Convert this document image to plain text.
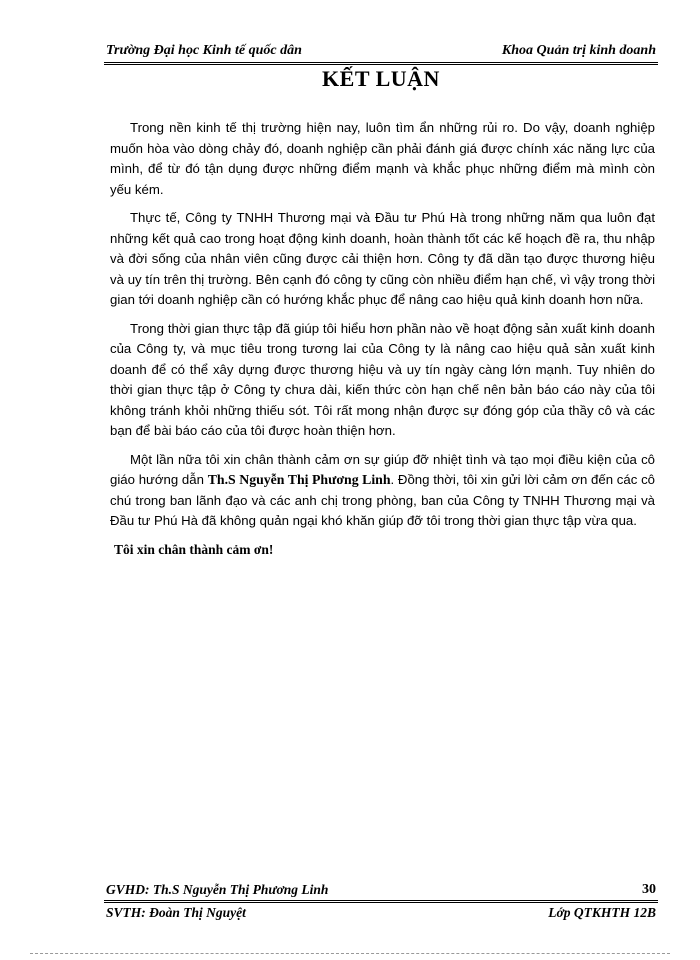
Trường Đại học Kinh tế quốc dân	Khoa Quản trị kinh doanh
KẾT LUẬN

Trong nền kinh tế thị trường hiện nay, luôn tìm ẩn những rủi ro. Do vậy, doanh nghiệp muốn hòa vào dòng chảy đó, doanh nghiệp cần phải đánh giá được chính xác năng lực của mình, để từ đó tận dụng được những điểm mạnh và khắc phục những điểm mà mình còn yếu kém.

Thực tế, Công ty TNHH Thương mại và Đầu tư Phú Hà trong những năm qua luôn đạt những kết quả cao trong hoạt động kinh doanh, hoàn thành tốt các kế hoạch đề ra, thu nhập và đời sống của nhân viên cũng được cải thiện hơn. Công ty đã dần tạo được thương hiệu và uy tín trên thị trường. Bên cạnh đó công ty cũng còn nhiều điểm hạn chế, vì vậy trong thời gian tới doanh nghiệp cần có hướng khắc phục để nâng cao hiệu quả kinh doanh hơn nữa.

Trong thời gian thực tập đã giúp tôi hiểu hơn phần nào về hoạt động sản xuất kinh doanh của Công ty, và mục tiêu trong tương lai của Công ty là nâng cao hiệu quả sản xuất kinh doanh để có thể xây dựng được thương hiệu và uy tín ngày càng lớn mạnh. Tuy nhiên do thời gian thực tập ở Công ty chưa dài, kiến thức còn hạn chế nên bản báo cáo này của tôi không tránh khỏi những thiếu sót. Tôi rất mong nhận được sự đóng góp của thầy cô và các bạn để bài báo cáo của tôi được hoàn thiện hơn.

Một lần nữa tôi xin chân thành cảm ơn sự giúp đỡ nhiệt tình và tạo mọi điều kiện của cô giáo hướng dẫn Th.S Nguyễn Thị Phương Linh. Đồng thời, tôi xin gửi lời cảm ơn đến các cô chú trong ban lãnh đạo và các anh chị trong phòng, ban của Công ty TNHH Thương mại và Đầu tư Phú Hà đã không quản ngại khó khăn giúp đỡ tôi trong thời gian thực tập vừa qua.

Tôi xin chân thành cảm ơn!

GVHD: Th.S Nguyễn Thị Phương Linh	30
SVTH: Đoàn Thị Nguyệt	Lớp QTKHTH 12B
